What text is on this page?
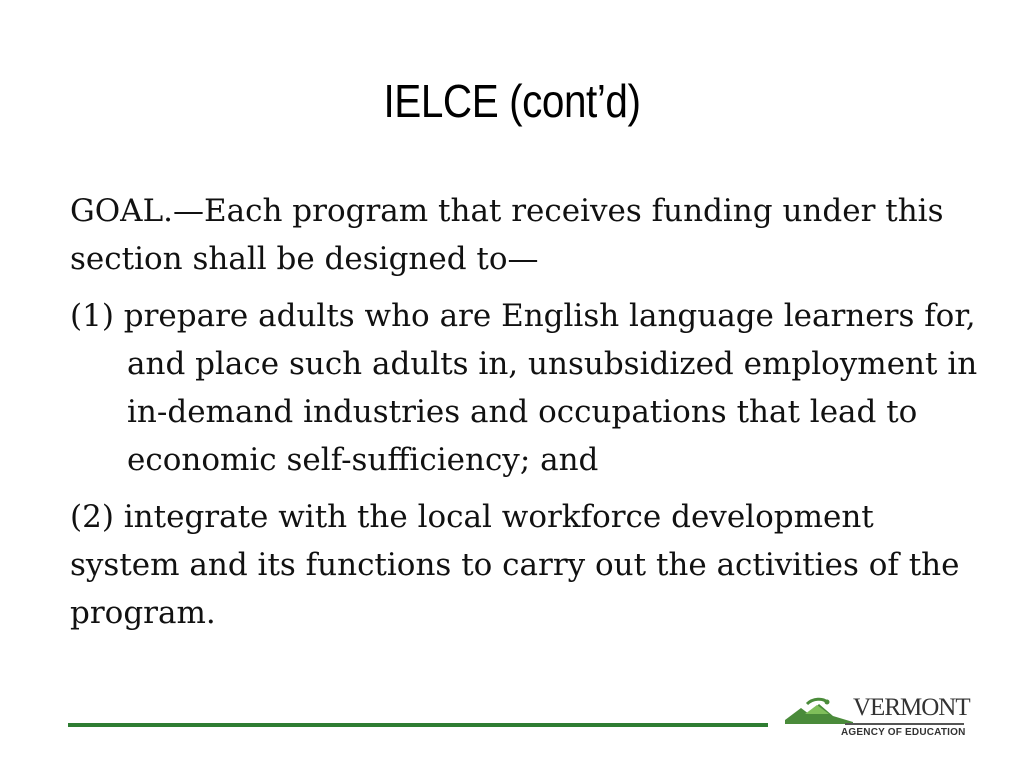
IELCE (cont’d)

GOAL.—Each program that receives funding under this section shall be designed to—

(1) prepare adults who are English language learners for, and place such adults in, unsubsidized employment in in-demand industries and occupations that lead to economic self-sufficiency; and

(2) integrate with the local workforce development system and its functions to carry out the activities of the program.

VERMONT
AGENCY OF EDUCATION
